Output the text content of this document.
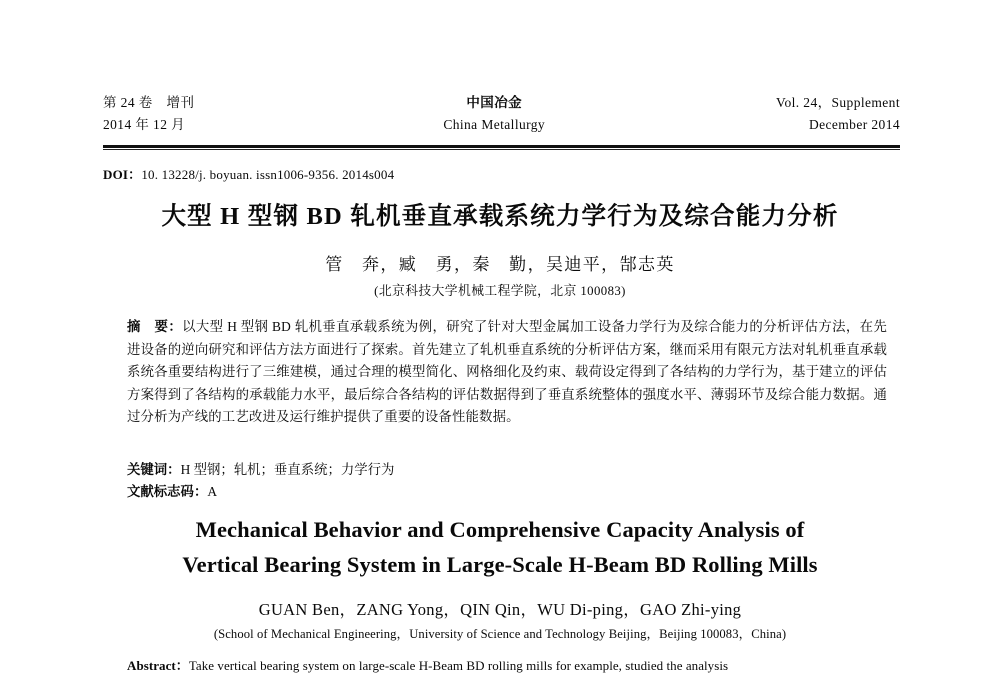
第 24 卷　增刊
2014 年 12 月
中国冶金
China Metallurgy
Vol. 24，Supplement
December 2014
DOI：10. 13228/j. boyuan. issn1006-9356. 2014s004
大型 H 型钢 BD 轧机垂直承载系统力学行为及综合能力分析
管　奔，臧　勇，秦　勤，吴迪平，郜志英
(北京科技大学机械工程学院，北京 100083)
摘　要：以大型 H 型钢 BD 轧机垂直承载系统为例，研究了针对大型金属加工设备力学行为及综合能力的分析评估方法，在先进设备的逆向研究和评估方法方面进行了探索。首先建立了轧机垂直系统的分析评估方案，继而采用有限元方法对轧机垂直承载系统各重要结构进行了三维建模，通过合理的模型简化、网格细化及约束、载荷设定得到了各结构的力学行为，基于建立的评估方案得到了各结构的承载能力水平，最后综合各结构的评估数据得到了垂直系统整体的强度水平、薄弱环节及综合能力数据。通过分析为产线的工艺改进及运行维护提供了重要的设备性能数据。
关键词：H 型钢；轧机；垂直系统；力学行为
文献标志码：A
Mechanical Behavior and Comprehensive Capacity Analysis of
Vertical Bearing System in Large-Scale H-Beam BD Rolling Mills
GUAN Ben，ZANG Yong，QIN Qin，WU Di-ping，GAO Zhi-ying
(School of Mechanical Engineering，University of Science and Technology Beijing，Beijing 100083，China)
Abstract：Take vertical bearing system on large-scale H-Beam BD rolling mills for example, studied the analysis
